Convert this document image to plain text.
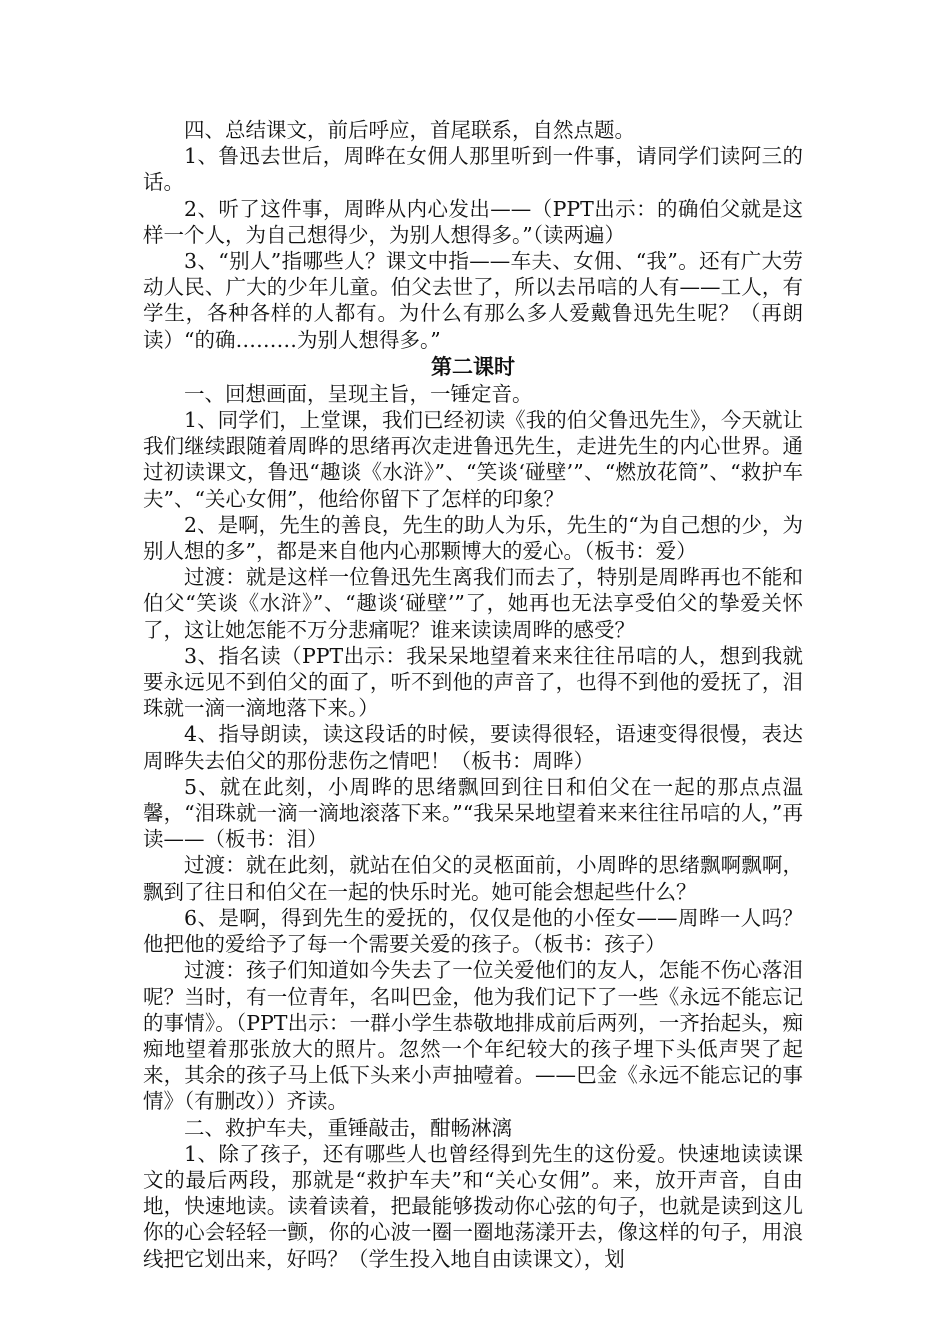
四、总结课文，前后呼应，首尾联系，自然点题。

1、鲁迅去世后，周晔在女佣人那里听到一件事，请同学们读阿三的话。

2、听了这件事，周晔从内心发出——（PPT出示：的确伯父就是这样一个人，为自己想得少，为别人想得多。”（读两遍）

3、“别人”指哪些人？课文中指——车夫、女佣、“我”。还有广大劳动人民、广大的少年儿童。伯父去世了，所以去吊唁的人有——工人，有学生，各种各样的人都有。为什么有那么多人爱戴鲁迅先生呢？（再朗读）“的确………为别人想得多。”

第二课时

一、回想画面，呈现主旨，一锤定音。

1、同学们，上堂课，我们已经初读《我的伯父鲁迅先生》，今天就让我们继续跟随着周晔的思绪再次走进鲁迅先生，走进先生的内心世界。通过初读课文，鲁迅“趣谈《水浒》”、“笑谈‘碰壁’”、“燃放花筒”、“救护车夫”、“关心女佣”，他给你留下了怎样的印象？

2、是啊，先生的善良，先生的助人为乐，先生的“为自己想的少，为别人想的多”，都是来自他内心那颗博大的爱心。（板书：爱）

过渡：就是这样一位鲁迅先生离我们而去了，特别是周晔再也不能和伯父“笑谈《水浒》”、“趣谈‘碰壁’”了，她再也无法享受伯父的挚爱关怀了，这让她怎能不万分悲痛呢？谁来读读周晔的感受？

3、指名读（PPT出示：我呆呆地望着来来往往吊唁的人，想到我就要永远见不到伯父的面了，听不到他的声音了，也得不到他的爱抚了，泪珠就一滴一滴地落下来。）

4、指导朗读，读这段话的时候，要读得很轻，语速变得很慢，表达周晔失去伯父的那份悲伤之情吧！（板书：周晔）

5、就在此刻，小周晔的思绪飘回到往日和伯父在一起的那点点温馨，“泪珠就一滴一滴地滚落下来。”“我呆呆地望着来来往往吊唁的人，”再读——（板书：泪）

过渡：就在此刻，就站在伯父的灵柩面前，小周晔的思绪飘啊飘啊，飘到了往日和伯父在一起的快乐时光。她可能会想起些什么？

6、是啊，得到先生的爱抚的，仅仅是他的小侄女——周晔一人吗？他把他的爱给予了每一个需要关爱的孩子。（板书：孩子）

过渡：孩子们知道如今失去了一位关爱他们的友人，怎能不伤心落泪呢？当时，有一位青年，名叫巴金，他为我们记下了一些《永远不能忘记的事情》。（PPT出示：一群小学生恭敬地排成前后两列，一齐抬起头，痴痴地望着那张放大的照片。忽然一个年纪较大的孩子埋下头低声哭了起来，其余的孩子马上低下头来小声抽噎着。——巴金《永远不能忘记的事情》（有删改））齐读。

二、救护车夫，重锤敲击，酣畅淋漓

1、除了孩子，还有哪些人也曾经得到先生的这份爱。快速地读读课文的最后两段，那就是“救护车夫”和“关心女佣”。来，放开声音，自由地，快速地读。读着读着，把最能够拨动你心弦的句子，也就是读到这儿你的心会轻轻一颤，你的心波一圈一圈地荡漾开去，像这样的句子，用浪线把它划出来，好吗？（学生投入地自由读课文），划
